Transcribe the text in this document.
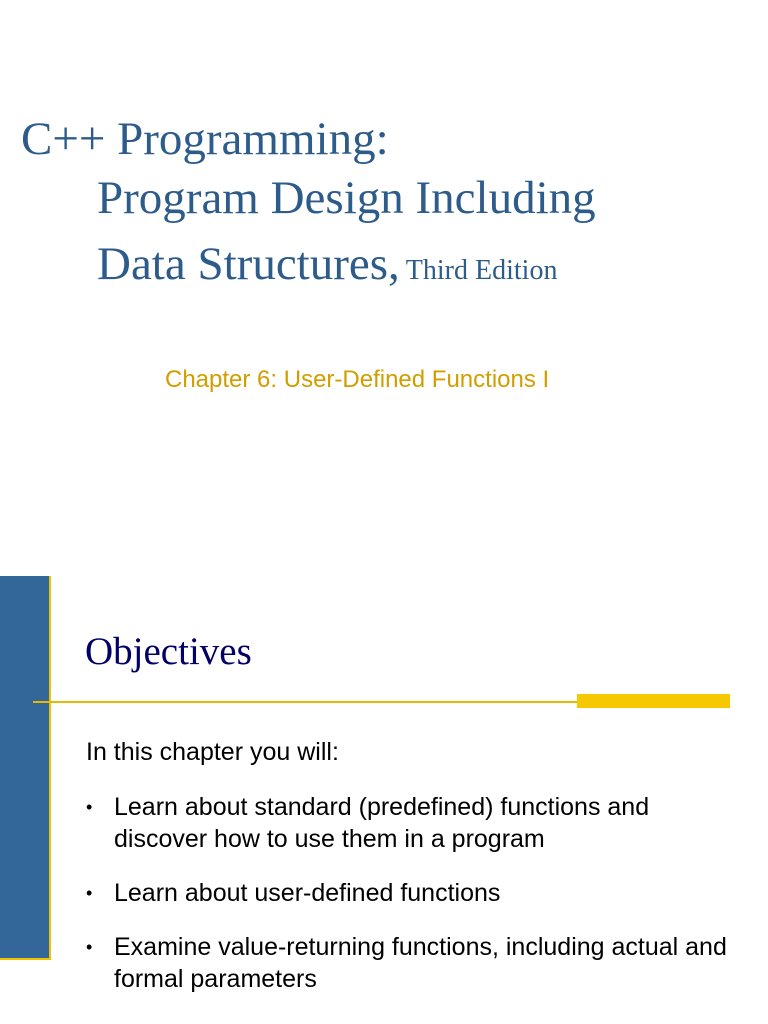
C++ Programming:
Program Design Including
Data Structures, Third Edition
Chapter 6: User-Defined Functions I
Objectives
In this chapter you will:
• Learn about standard (predefined) functions and discover how to use them in a program
• Learn about user-defined functions
• Examine value-returning functions, including actual and formal parameters
